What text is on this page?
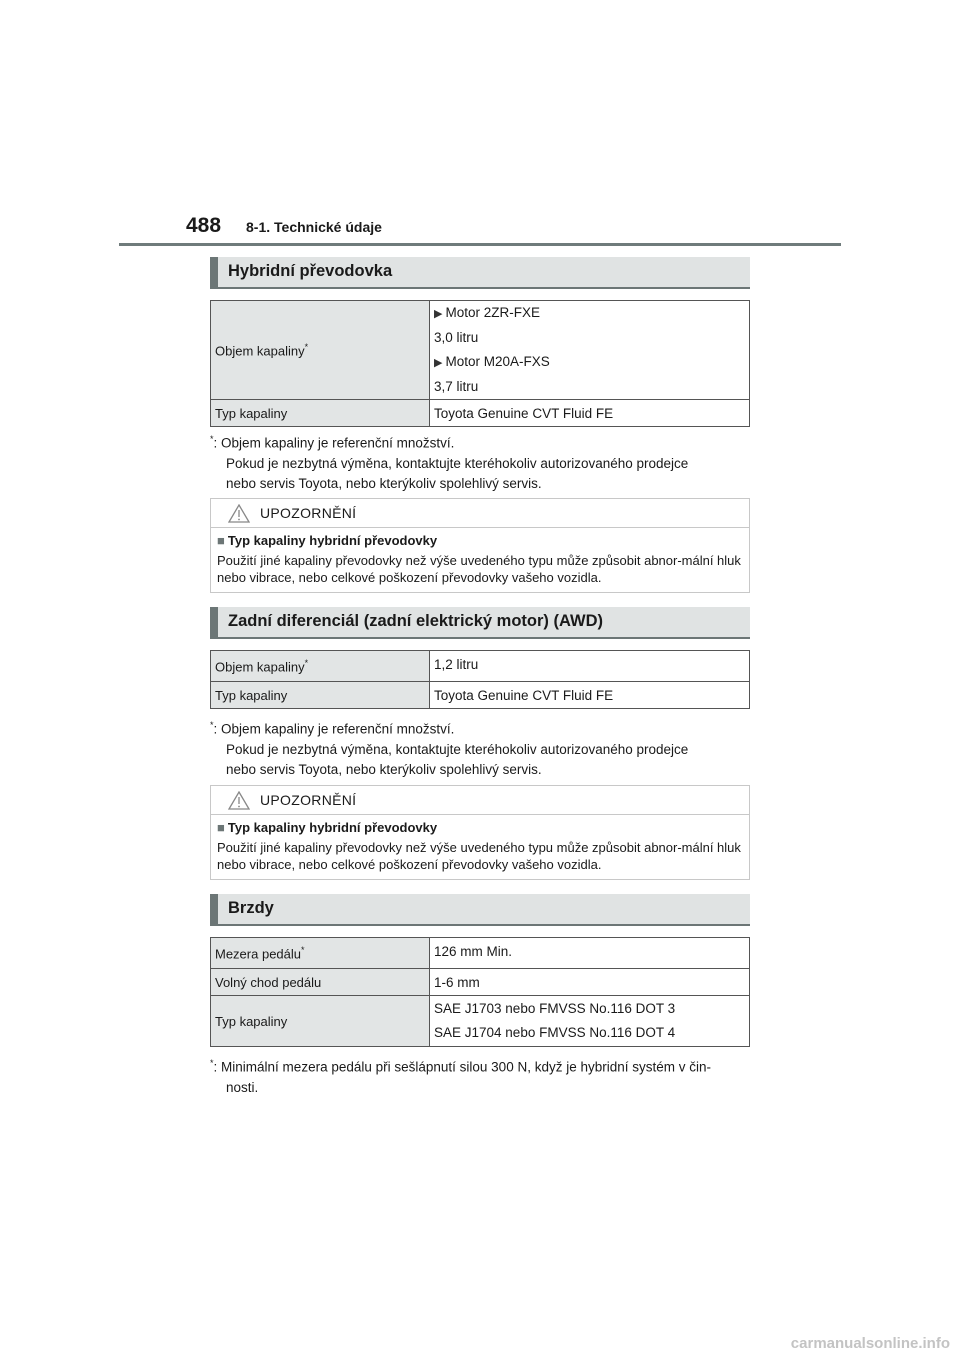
488 8-1. Technické údaje
Hybridní převodovka
Objem kapaliny*	▶ Motor 2ZR-FXE

3,0 litru

▶ Motor M20A-FXS

3,7 litru

Typ kapaliny	Toyota Genuine CVT Fluid FE
*: Objem kapaliny je referenční množství.
Pokud je nezbytná výměna, kontaktujte kteréhokoliv autorizovaného prodejce
nebo servis Toyota, nebo kterýkoliv spolehlivý servis.
UPOZORNĚNÍ
■ Typ kapaliny hybridní převodovky
Použití jiné kapaliny převodovky než výše uvedeného typu může způsobit abnor-mální hluk nebo vibrace, nebo celkové poškození převodovky vašeho vozidla.
Zadní diferenciál (zadní elektrický motor) (AWD)
Objem kapaliny*	1,2 litru
Typ kapaliny	Toyota Genuine CVT Fluid FE
*: Objem kapaliny je referenční množství.
Pokud je nezbytná výměna, kontaktujte kteréhokoliv autorizovaného prodejce
nebo servis Toyota, nebo kterýkoliv spolehlivý servis.
UPOZORNĚNÍ
■ Typ kapaliny hybridní převodovky
Použití jiné kapaliny převodovky než výše uvedeného typu může způsobit abnor-mální hluk nebo vibrace, nebo celkové poškození převodovky vašeho vozidla.
Brzdy
Mezera pedálu*	126 mm Min.
Volný chod pedálu	1-6 mm
Typ kapaliny	SAE J1703 nebo FMVSS No.116 DOT 3

SAE J1704 nebo FMVSS No.116 DOT 4

*: Minimální mezera pedálu při sešlápnutí silou 300 N, když je hybridní systém v čin-
nosti.
carmanualsonline.info
